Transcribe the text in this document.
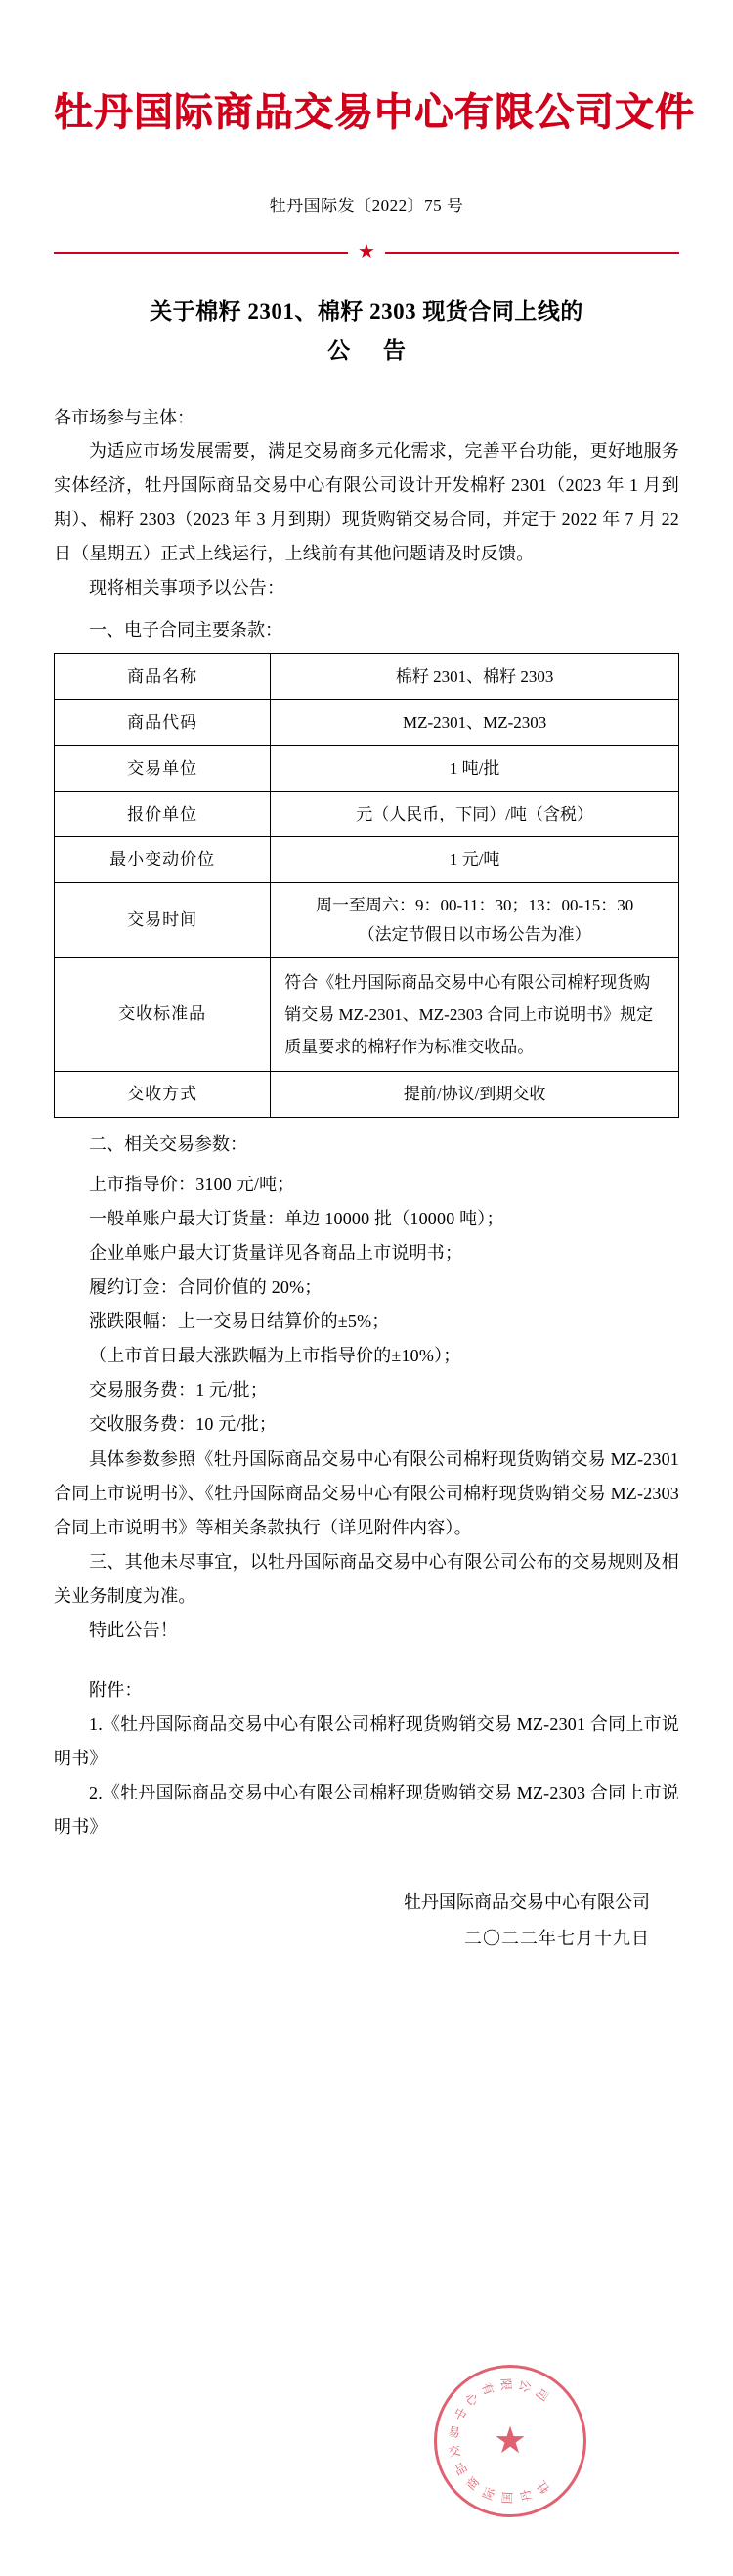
牡丹国际商品交易中心有限公司文件
牡丹国际发〔2022〕75 号
★
关于棉籽 2301、棉籽 2303 现货合同上线的
公 告
各市场参与主体：

为适应市场发展需要，满足交易商多元化需求，完善平台功能，更好地服务实体经济，牡丹国际商品交易中心有限公司设计开发棉籽 2301（2023 年 1 月到期）、棉籽 2303（2023 年 3 月到期）现货购销交易合同，并定于 2022 年 7 月 22 日（星期五）正式上线运行，上线前有其他问题请及时反馈。

现将相关事项予以公告：

一、电子合同主要条款：
商品名称	棉籽 2301、棉籽 2303
商品代码	MZ-2301、MZ-2303
交易单位	1 吨/批
报价单位	元（人民币，下同）/吨（含税）
最小变动价位	1 元/吨
交易时间	周一至周六：9：00-11：30；13：00-15：30
（法定节假日以市场公告为准）

交收标准品	符合《牡丹国际商品交易中心有限公司棉籽现货购销交易 MZ-2301、MZ-2303 合同上市说明书》规定质量要求的棉籽作为标准交收品。
交收方式	提前/协议/到期交收
二、相关交易参数：

上市指导价：3100 元/吨；

一般单账户最大订货量：单边 10000 批（10000 吨）；

企业单账户最大订货量详见各商品上市说明书；

履约订金：合同价值的 20%；

涨跌限幅：上一交易日结算价的±5%；

（上市首日最大涨跌幅为上市指导价的±10%）；

交易服务费：1 元/批；

交收服务费：10 元/批；

具体参数参照《牡丹国际商品交易中心有限公司棉籽现货购销交易 MZ-2301 合同上市说明书》、《牡丹国际商品交易中心有限公司棉籽现货购销交易 MZ-2303 合同上市说明书》等相关条款执行（详见附件内容）。

三、其他未尽事宜，以牡丹国际商品交易中心有限公司公布的交易规则及相关业务制度为准。

特此公告！

附件：

1.《牡丹国际商品交易中心有限公司棉籽现货购销交易 MZ-2301 合同上市说明书》

2.《牡丹国际商品交易中心有限公司棉籽现货购销交易 MZ-2303 合同上市说明书》

牡丹国际商品交易中心有限公司
二〇二二年七月十九日
★
牡
丹
国
际
商
品
交
易
中
心
有 限 公 司
